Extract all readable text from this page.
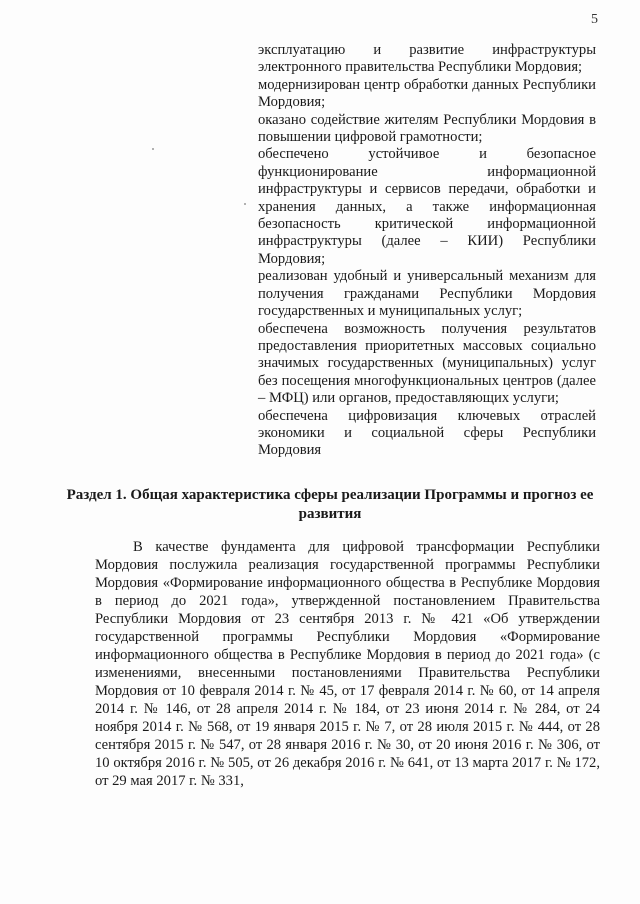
5

эксплуатацию и развитие инфраструктуры электронного правительства Республики Мордовия;

модернизирован центр обработки данных Республики Мордовия;

оказано содействие жителям Республики Мордовия в повышении цифровой грамотности;

обеспечено устойчивое и безопасное функционирование информационной инфраструктуры и сервисов передачи, обработки и хранения данных, а также информационная безопасность критической информационной инфраструктуры (далее – КИИ) Республики Мордовия;

реализован удобный и универсальный механизм для получения гражданами Республики Мордовия государственных и муниципальных услуг;

обеспечена возможность получения результатов предоставления приоритетных массовых социально значимых государственных (муниципальных) услуг без посещения многофункциональных центров (далее – МФЦ) или органов, предоставляющих услуги;

обеспечена цифровизация ключевых отраслей экономики и социальной сферы Республики Мордовия

Раздел 1. Общая характеристика сферы реализации Программы и прогноз ее развития

В качестве фундамента для цифровой трансформации Республики Мордовия послужила реализация государственной программы Республики Мордовия «Формирование информационного общества в Республике Мордовия в период до 2021 года», утвержденной постановлением Правительства Республики Мордовия от 23 сентября 2013 г. № 421 «Об утверждении государственной программы Республики Мордовия «Формирование информационного общества в Республике Мордовия в период до 2021 года» (с изменениями, внесенными постановлениями Правительства Республики Мордовия от 10 февраля 2014 г. № 45, от 17 февраля 2014 г. № 60, от 14 апреля 2014 г. № 146, от 28 апреля 2014 г. № 184, от 23 июня 2014 г. № 284, от 24 ноября 2014 г. № 568, от 19 января 2015 г. № 7, от 28 июля 2015 г. № 444, от 28 сентября 2015 г. № 547, от 28 января 2016 г. № 30, от 20 июня 2016 г. № 306, от 10 октября 2016 г. № 505, от 26 декабря 2016 г. № 641, от 13 марта 2017 г. № 172, от 29 мая 2017 г. № 331,
